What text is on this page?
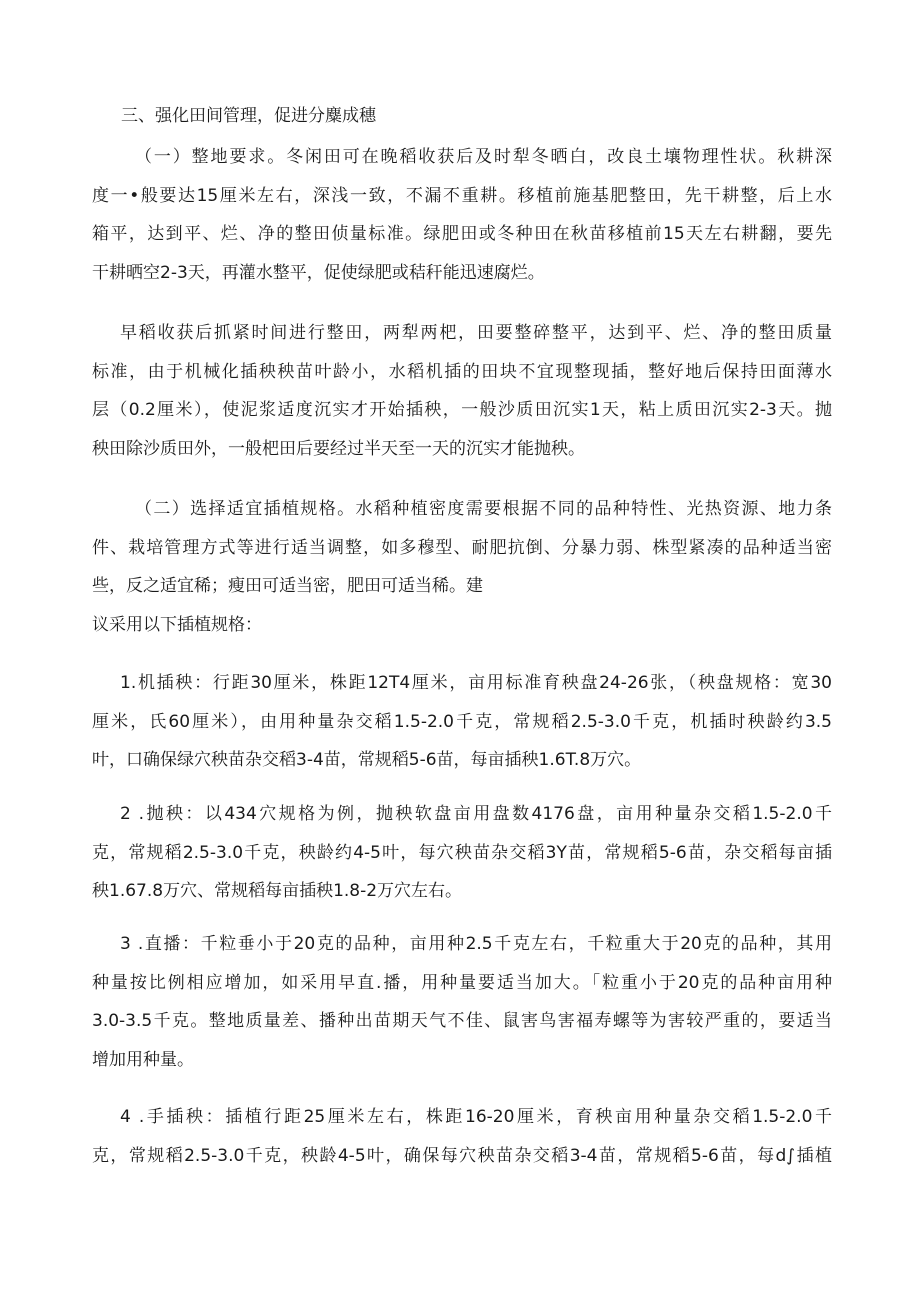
三、强化田间管理，促进分麋成穗
（一）整地要求。冬闲田可在晚稻收获后及时犁冬晒白，改良土壤物理性状。秋耕深
度一•般要达15厘米左右，深浅一致，不漏不重耕。移植前施基肥整田，先干耕整，后上水
箱平，达到平、烂、净的整田侦量标准。绿肥田或冬种田在秋苗移植前15天左右耕翻，要先
干耕晒空2-3天，再灌水整平，促使绿肥或秸秆能迅速腐烂。
早稻收获后抓紧时间进行整田，两犁两杷，田要整碎整平，达到平、烂、净的整田质量
标准，由于机械化插秧秧苗叶龄小，水稻机插的田块不宜现整现插，整好地后保持田面薄水
层（0.2厘米），使泥浆适度沉实才开始插秧，一般沙质田沉实1天，粘上质田沉实2-3天。抛
秧田除沙质田外，一般杷田后要经过半天至一天的沉实才能抛秧。
（二）选择适宜插植规格。水稻种植密度需要根据不同的品种特性、光热资源、地力条
件、栽培管理方式等进行适当调整，如多穆型、耐肥抗倒、分暴力弱、株型紧凑的品种适当密
些，反之适宜稀；瘦田可适当密，肥田可适当稀。建
议采用以下插植规格：
1.机插秧：行距30厘米，株距12T4厘米，亩用标准育秧盘24-26张，（秧盘规格：宽30
厘米，氏60厘米），由用种量杂交稻1.5-2.0千克，常规稻2.5-3.0千克，机插时秧龄约3.5
叶，口确保绿穴秧苗杂交稻3-4苗，常规稻5-6苗，每亩插秧1.6T.8万穴。
2 .抛秧：以434穴规格为例，抛秧软盘亩用盘数4176盘，亩用种量杂交稻1.5-2.0千
克，常规稻2.5-3.0千克，秧龄约4-5叶，每穴秧苗杂交稻3Y苗，常规稻5-6苗，杂交稻每亩插
秧1.67.8万穴、常规稻每亩插秧1.8-2万穴左右。
3 .直播：千粒垂小于20克的品种，亩用种2.5千克左右，千粒重大于20克的品种，其用
种量按比例相应增加，如采用早直.播，用种量要适当加大。「粒重小于20克的品种亩用种
3.0-3.5千克。整地质量差、播种出苗期天气不佳、鼠害鸟害福寿螺等为害较严重的，要适当
增加用种量。
4 .手插秧：插植行距25厘米左右，株距16-20厘米，育秧亩用种量杂交稻1.5-2.0千
克，常规稻2.5-3.0千克，秧龄4-5叶，确保每穴秧苗杂交稻3-4苗，常规稻5-6苗，每d∫插植
